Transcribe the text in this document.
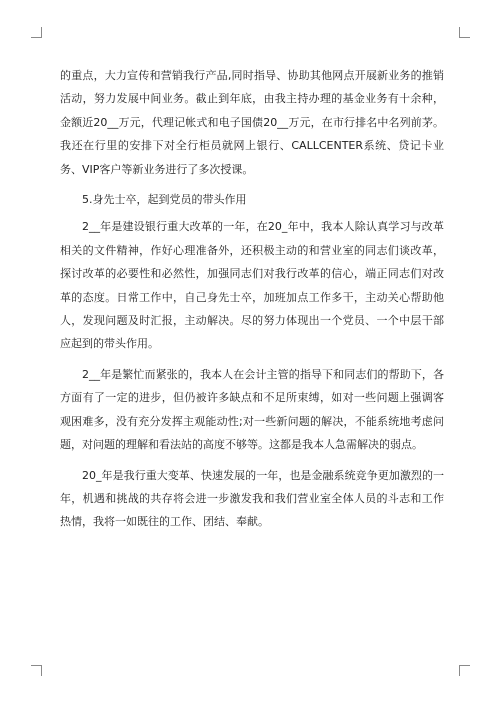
的重点，大力宣传和营销我行产品,同时指导、协助其他网点开展新业务的推销活动，努力发展中间业务。截止到年底，由我主持办理的基金业务有十余种，金额近20__万元，代理记帐式和电子国债20__万元，在市行排名中名列前茅。我还在行里的安排下对全行柜员就网上银行、CALLCENTER系统、贷记卡业务、VIP客户等新业务进行了多次授课。

5.身先士卒，起到党员的带头作用

2__年是建设银行重大改革的一年，在20_年中，我本人除认真学习与改革相关的文件精神，作好心理准备外，还积极主动的和营业室的同志们谈改革，探讨改革的必要性和必然性，加强同志们对我行改革的信心，端正同志们对改革的态度。日常工作中，自己身先士卒，加班加点工作多干，主动关心帮助他人，发现问题及时汇报，主动解决。尽的努力体现出一个党员、一个中层干部应起到的带头作用。

2__年是繁忙而紧张的，我本人在会计主管的指导下和同志们的帮助下，各方面有了一定的进步，但仍被许多缺点和不足所束缚，如对一些问题上强调客观困难多，没有充分发挥主观能动性;对一些新问题的解决，不能系统地考虑问题，对问题的理解和看法站的高度不够等。这都是我本人急需解决的弱点。

20_年是我行重大变革、快速发展的一年，也是金融系统竞争更加激烈的一年，机遇和挑战的共存将会进一步激发我和我们营业室全体人员的斗志和工作热情，我将一如既往的工作、团结、奉献。
